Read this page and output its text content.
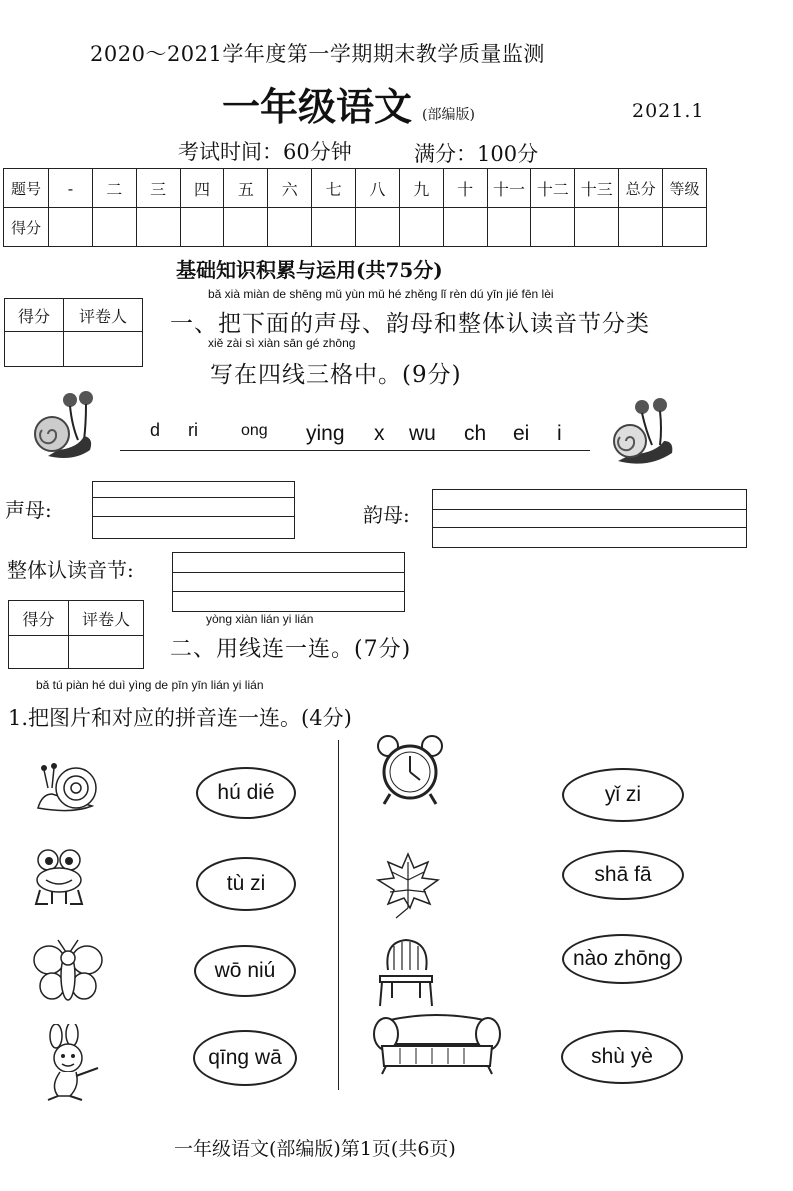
2020～2021学年度第一学期期末教学质量监测
一年级语文 (部编版)	2021.1
考试时间：60分钟	满分：100分
题号	-	二	三	四	五	六	七	八	九	十	十一	十二	十三	总分	等级
得分															
基础知识积累与运用(共75分)
得分	评卷人

bǎ xià miàn de shēng mǔ yùn mǔ hé zhěng lǐ rèn dú yīn jié fēn lèi
一、把下面的声母、韵母和整体认读音节分类
xiě zài sì xiàn sān gé zhōng
写在四线三格中。(9分)
d ri	ong ying x wu ch ei i
声母:	韵母:
整体认读音节:
得分	评卷人
		yòng xiàn lián yi lián
二、用线连一连。(7分)
bǎ tú piàn hé duì yìng de pīn yīn lián yi lián
1.把图片和对应的拼音连一连。(4分)
hú dié
tù zi
wō niú
qīng wā
yǐ zi
shā fā
nào zhōng
shù yè
一年级语文(部编版)第1页(共6页)
